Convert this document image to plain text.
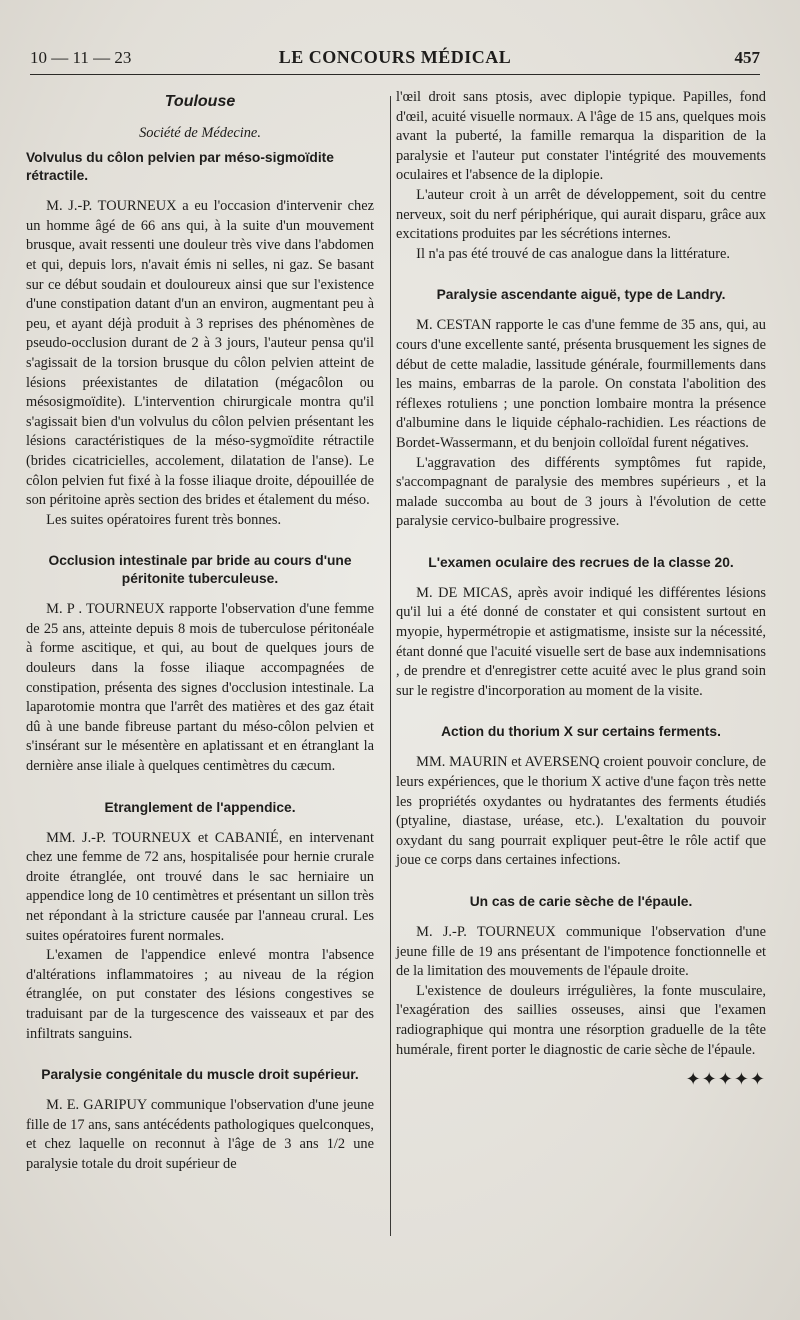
10 — 11 — 23	LE CONCOURS MÉDICAL	457
Toulouse
Société de Médecine.
Volvulus du côlon pelvien par méso-sigmoïdite rétractile.

M. J.-P. TOURNEUX a eu l'occasion d'intervenir chez un homme âgé de 66 ans qui, à la suite d'un mouvement brusque, avait ressenti une douleur très vive dans l'abdomen et qui, depuis lors, n'avait émis ni selles, ni gaz. Se basant sur ce début soudain et douloureux ainsi que sur l'existence d'une constipation datant d'un an environ, augmentant peu à peu, et ayant déjà produit à 3 reprises des phénomènes de pseudo-occlusion durant de 2 à 3 jours, l'auteur pensa qu'il s'agissait de la torsion brusque du côlon pelvien atteint de lésions préexistantes de dilatation (mégacôlon ou mésosigmoïdite). L'intervention chirurgicale montra qu'il s'agissait bien d'un volvulus du côlon pelvien présentant les lésions caractéristiques de la méso-sygmoïdite rétractile (brides cicatricielles, accolement, dilatation de l'anse). Le côlon pelvien fut fixé à la fosse iliaque droite, dépouillée de son péritoine après section des brides et étalement du méso.

Les suites opératoires furent très bonnes.

Occlusion intestinale par bride au cours d'une péritonite tuberculeuse.

M. P . TOURNEUX rapporte l'observation d'une femme de 25 ans, atteinte depuis 8 mois de tuberculose péritonéale à forme ascitique, et qui, au bout de quelques jours de douleurs dans la fosse iliaque accompagnées de constipation, présenta des signes d'occlusion intestinale. La laparotomie montra que l'arrêt des matières et des gaz était dû à une bande fibreuse partant du méso-côlon pelvien et s'insérant sur le mésentère en aplatissant et en étranglant la dernière anse iliale à quelques centimètres du cæcum.

Etranglement de l'appendice.

MM. J.-P. TOURNEUX et CABANIÉ, en intervenant chez une femme de 72 ans, hospitalisée pour hernie crurale droite étranglée, ont trouvé dans le sac herniaire un appendice long de 10 centimètres et présentant un sillon très net répondant à la stricture causée par l'anneau crural. Les suites opératoires furent normales.

L'examen de l'appendice enlevé montra l'absence d'altérations inflammatoires ; au niveau de la région étranglée, on put constater des lésions congestives se traduisant par de la turgescence des vaisseaux et par des infiltrats sanguins.

Paralysie congénitale du muscle droit supérieur.

M. E. GARIPUY communique l'observation d'une jeune fille de 17 ans, sans antécédents pathologiques quelconques, et chez laquelle on reconnut à l'âge de 3 ans 1/2 une paralysie totale du droit supérieur de

l'œil droit sans ptosis, avec diplopie typique. Papilles, fond d'œil, acuité visuelle normaux. A l'âge de 15 ans, quelques mois avant la puberté, la famille remarqua la disparition de la paralysie et l'auteur put constater l'intégrité des mouvements oculaires et l'absence de la diplopie.

L'auteur croit à un arrêt de développement, soit du centre nerveux, soit du nerf périphérique, qui aurait disparu, grâce aux excitations produites par les sécrétions internes.

Il n'a pas été trouvé de cas analogue dans la littérature.

Paralysie ascendante aiguë, type de Landry.

M. CESTAN rapporte le cas d'une femme de 35 ans, qui, au cours d'une excellente santé, présenta brusquement les signes de début de cette maladie, lassitude générale, fourmillements dans les mains, embarras de la parole. On constata l'abolition des réflexes rotuliens ; une ponction lombaire montra la présence d'albumine dans le liquide céphalo-rachidien. Les réactions de Bordet-Wassermann, et du benjoin colloïdal furent négatives.

L'aggravation des différents symptômes fut rapide, s'accompagnant de paralysie des membres supérieurs , et la malade succomba au bout de 3 jours à l'évolution de cette paralysie cervico-bulbaire progressive.

L'examen oculaire des recrues de la classe 20.

M. DE MICAS, après avoir indiqué les différentes lésions qu'il lui a été donné de constater et qui consistent surtout en myopie, hypermétropie et astigmatisme, insiste sur la nécessité, étant donné que l'acuité visuelle sert de base aux indemnisations , de prendre et d'enregistrer cette acuité avec le plus grand soin sur le registre d'incorporation au moment de la visite.

Action du thorium X sur certains ferments.

MM. MAURIN et AVERSENQ croient pouvoir conclure, de leurs expériences, que le thorium X active d'une façon très nette les propriétés oxydantes ou hydratantes des ferments étudiés (ptyaline, diastase, uréase, etc.). L'exaltation du pouvoir oxydant du sang pourrait expliquer peut-être le rôle actif que joue ce corps dans certaines infections.

Un cas de carie sèche de l'épaule.

M. J.-P. TOURNEUX communique l'observation d'une jeune fille de 19 ans présentant de l'impotence fonctionnelle et de la limitation des mouvements de l'épaule droite.

L'existence de douleurs irrégulières, la fonte musculaire, l'exagération des saillies osseuses, ainsi que l'examen radiographique qui montra une résorption graduelle de la tête humérale, firent porter le diagnostic de carie sèche de l'épaule.

✦✦✦✦✦
